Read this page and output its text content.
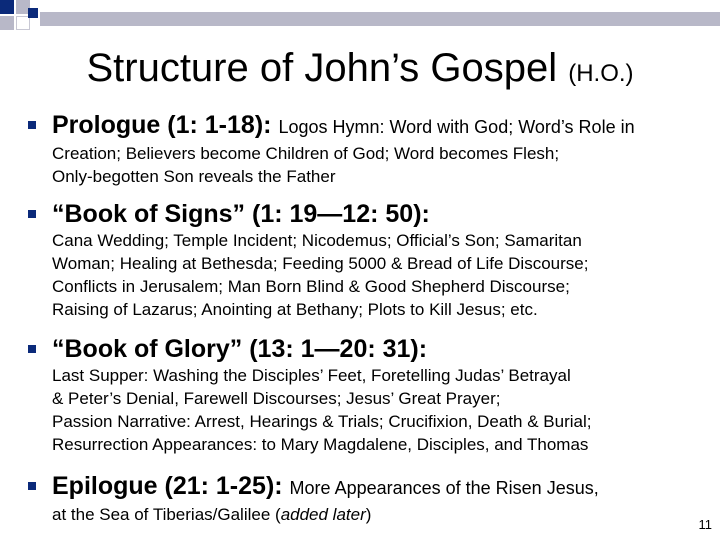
Structure of John’s Gospel (H.O.)
Prologue (1: 1-18): Logos Hymn: Word with God; Word’s Role in
Creation; Believers become Children of God; Word becomes Flesh;
Only-begotten Son reveals the Father
“Book of Signs” (1: 19—12: 50):
Cana Wedding; Temple Incident; Nicodemus; Official’s Son; Samaritan
Woman; Healing at Bethesda; Feeding 5000 & Bread of Life Discourse;
Conflicts in Jerusalem; Man Born Blind & Good Shepherd Discourse;
Raising of Lazarus; Anointing at Bethany; Plots to Kill Jesus; etc.
“Book of Glory” (13: 1—20: 31):
Last Supper: Washing the Disciples’ Feet, Foretelling Judas’ Betrayal
& Peter’s Denial, Farewell Discourses; Jesus’ Great Prayer;
Passion Narrative: Arrest, Hearings & Trials; Crucifixion, Death & Burial;
Resurrection Appearances: to Mary Magdalene, Disciples, and Thomas
Epilogue (21: 1-25): More Appearances of the Risen Jesus,
at the Sea of Tiberias/Galilee (added later)
11
